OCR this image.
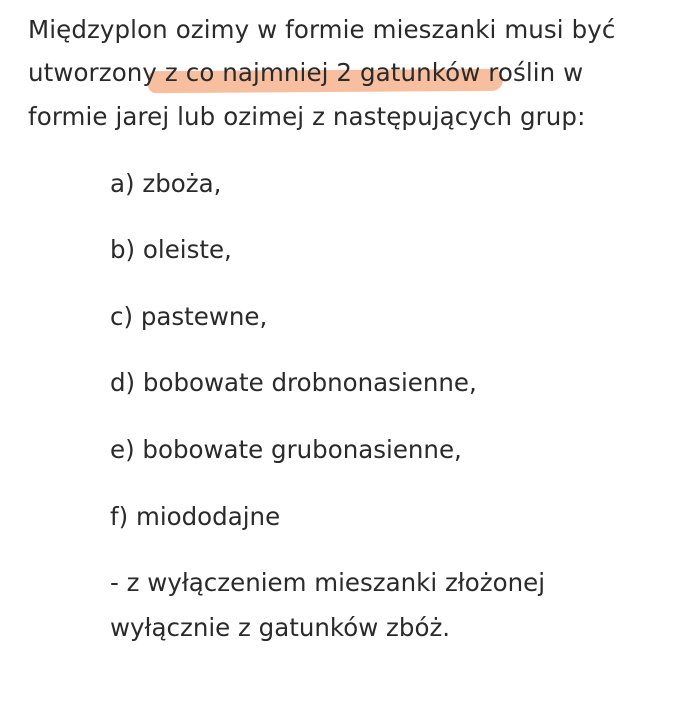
Międzyplon ozimy w formie mieszanki musi być
utworzony z co najmniej 2 gatunków roślin w
formie jarej lub ozimej z następujących grup:
a) zboża,
b) oleiste,
c) pastewne,
d) bobowate drobnonasienne,
e) bobowate grubonasienne,
f) miododajne
- z wyłączeniem mieszanki złożonej
wyłącznie z gatunków zbóż.
